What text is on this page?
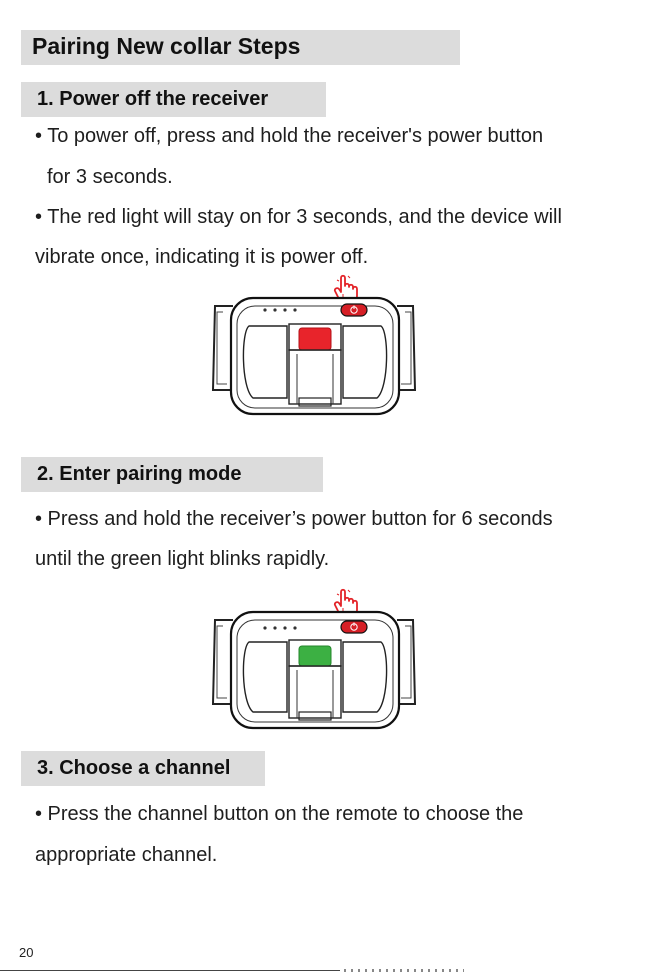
Pairing New collar Steps
1. Power off the receiver
• To power off, press and hold the receiver's power button
for 3 seconds.
• The red light will stay on for 3 seconds, and the device will
vibrate once, indicating it is power off.
2. Enter pairing mode
• Press and hold the receiver’s power button for 6 seconds
until the green light blinks rapidly.
3. Choose a channel
• Press the channel button on the remote to choose the
appropriate channel.
20
